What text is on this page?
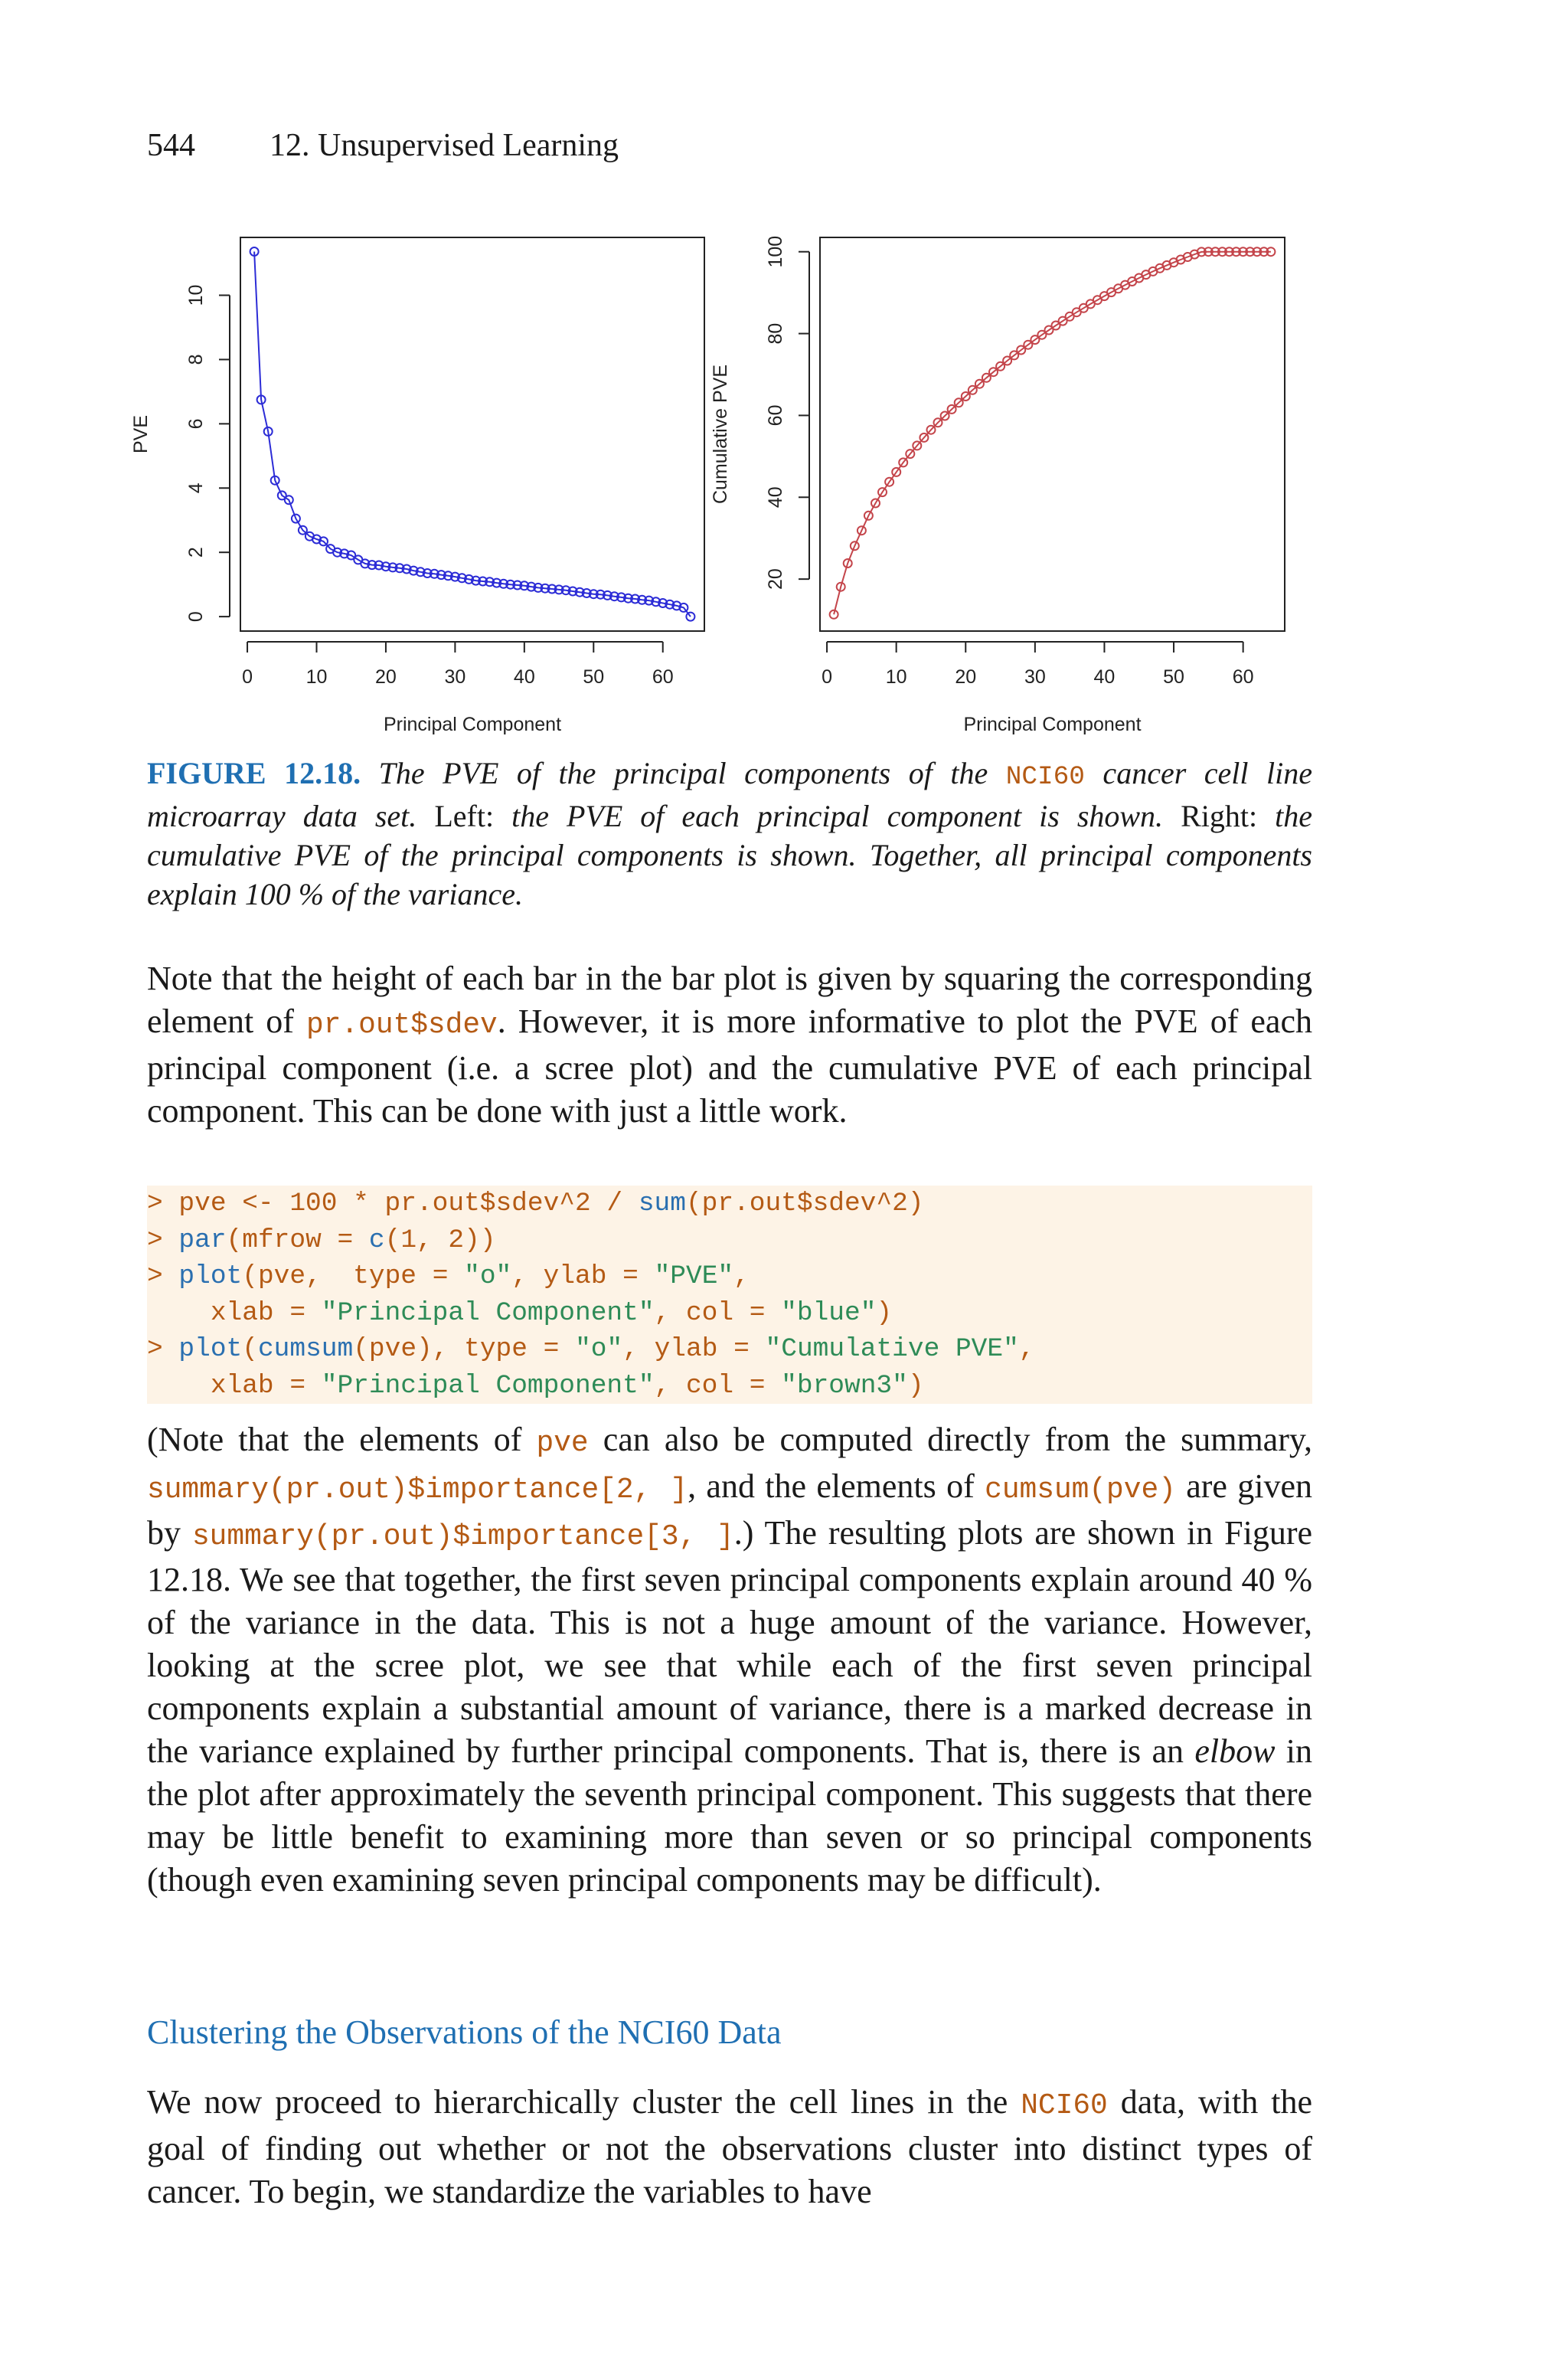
544 12. Unsupervised Learning
0	10	20	30	40	50	60
Principal Component
0
2
4
6
8
10
PVE
0	10	20	30	40	50	60
Principal Component
20
40
60
80
100
Cumulative PVE
FIGURE 12.18. The PVE of the principal components of the NCI60 cancer cell line microarray data set. Left: the PVE of each principal component is shown. Right: the cumulative PVE of the principal components is shown. Together, all principal components explain 100 % of the variance.

Note that the height of each bar in the bar plot is given by squaring the corresponding element of pr.out$sdev. However, it is more informative to plot the PVE of each principal component (i.e. a scree plot) and the cumulative PVE of each principal component. This can be done with just a little work.

> pve <- 100 * pr.out$sdev^2 / sum(pr.out$sdev^2)
> par(mfrow = c(1, 2))
> plot(pve,  type = "o", ylab = "PVE",
xlab = "Principal Component", col = "blue")
> plot(cumsum(pve), type = "o", ylab = "Cumulative PVE",
xlab = "Principal Component", col = "brown3")

(Note that the elements of pve can also be computed directly from the summary, summary(pr.out)$importance[2, ], and the elements of cumsum(pve) are given by summary(pr.out)$importance[3, ].) The resulting plots are shown in Figure 12.18. We see that together, the first seven principal components explain around 40 % of the variance in the data. This is not a huge amount of the variance. However, looking at the scree plot, we see that while each of the first seven principal components explain a substantial amount of variance, there is a marked decrease in the variance explained by further principal components. That is, there is an elbow in the plot after approximately the seventh principal component. This suggests that there may be little benefit to examining more than seven or so principal components (though even examining seven principal components may be difficult).

Clustering the Observations of the NCI60 Data

We now proceed to hierarchically cluster the cell lines in the NCI60 data, with the goal of finding out whether or not the observations cluster into distinct types of cancer. To begin, we standardize the variables to have
